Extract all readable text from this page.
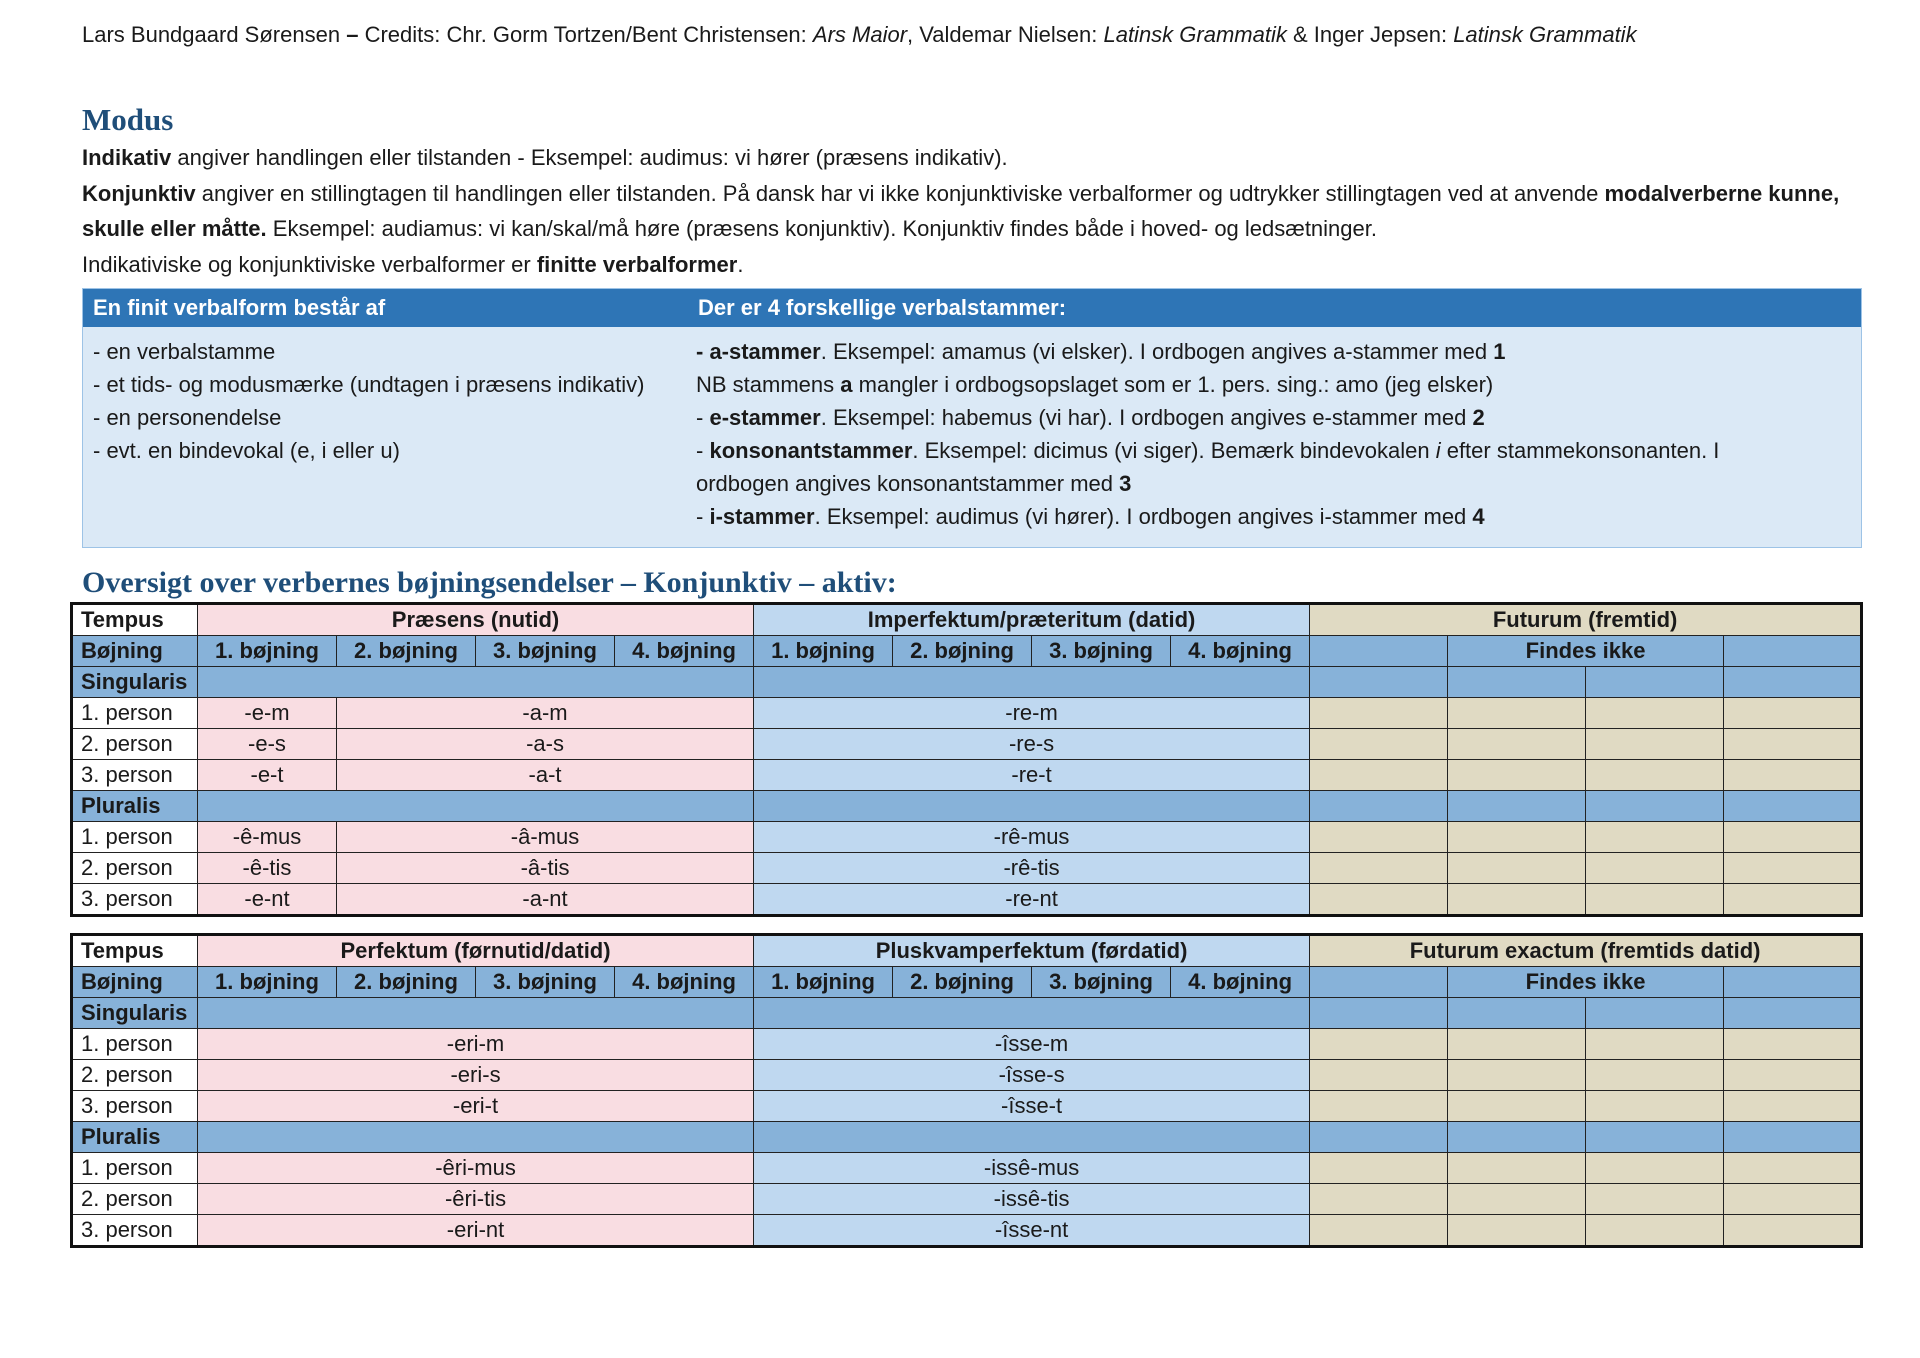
Lars Bundgaard Sørensen – Credits: Chr. Gorm Tortzen/Bent Christensen: Ars Maior, Valdemar Nielsen: Latinsk Grammatik & Inger Jepsen: Latinsk Grammatik
Modus
Indikativ angiver handlingen eller tilstanden - Eksempel: audimus: vi hører (præsens indikativ).
Konjunktiv angiver en stillingtagen til handlingen eller tilstanden. På dansk har vi ikke konjunktiviske verbalformer og udtrykker stillingtagen ved at anvende modalverberne kunne, skulle eller måtte. Eksempel: audiamus: vi kan/skal/må høre (præsens konjunktiv). Konjunktiv findes både i hoved- og ledsætninger.
Indikativiske og konjunktiviske verbalformer er finitte verbalformer.
En finit verbalform består af	Der er 4 forskellige verbalstammer:
- en verbalstamme
- et tids- og modusmærke (undtagen i præsens indikativ)
- en personendelse
- evt. en bindevokal (e, i eller u)
- a-stammer. Eksempel: amamus (vi elsker). I ordbogen angives a-stammer med 1
NB stammens a mangler i ordbogsopslaget som er 1. pers. sing.: amo (jeg elsker)
- e-stammer. Eksempel: habemus (vi har). I ordbogen angives e-stammer med 2
- konsonantstammer. Eksempel: dicimus (vi siger). Bemærk bindevokalen i efter stammekonsonanten. I ordbogen angives konsonantstammer med 3
- i-stammer. Eksempel: audimus (vi hører). I ordbogen angives i-stammer med 4
Oversigt over verbernes bøjningsendelser – Konjunktiv – aktiv:
Tempus	Præsens (nutid)				Imperfektum/præteritum (datid)				Futurum (fremtid)			
Bøjning	1. bøjning	2. bøjning	3. bøjning	4. bøjning	1. bøjning	2. bøjning	3. bøjning	4. bøjning		Findes ikke		
Singularis												
1. person	-e-m	-a-m			-re-m							
2. person	-e-s	-a-s			-re-s							
3. person	-e-t	-a-t			-re-t							
Pluralis												
1. person	-ê-mus	-â-mus			-rê-mus							
2. person	-ê-tis	-â-tis			-rê-tis							
3. person	-e-nt	-a-nt			-re-nt							
Tempus	Perfektum (førnutid/datid)				Pluskvamperfektum (førdatid)				Futurum exactum (fremtids datid)			
Bøjning	1. bøjning	2. bøjning	3. bøjning	4. bøjning	1. bøjning	2. bøjning	3. bøjning	4. bøjning		Findes ikke		
Singularis												
1. person	-eri-m				-îsse-m							
2. person	-eri-s				-îsse-s							
3. person	-eri-t				-îsse-t							
Pluralis												
1. person	-êri-mus				-issê-mus							
2. person	-êri-tis				-issê-tis							
3. person	-eri-nt				-îsse-nt							
